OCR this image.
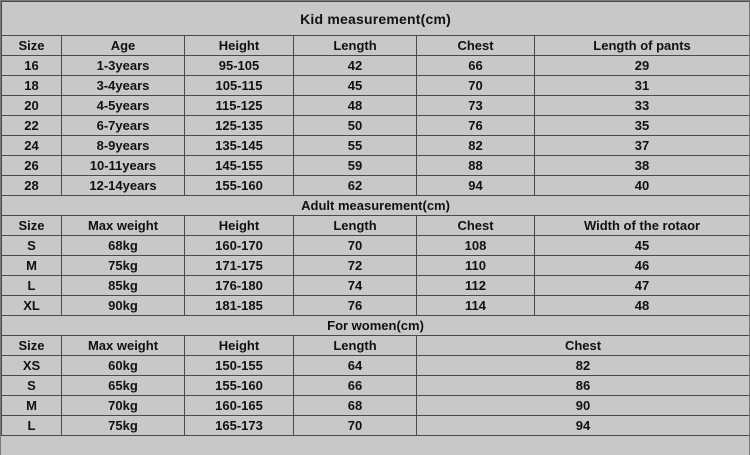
Kid measurement(cm)					
Size	Age	Height	Length	Chest	Length of pants
16	1-3years	95-105	42	66	29
18	3-4years	105-115	45	70	31
20	4-5years	115-125	48	73	33
22	6-7years	125-135	50	76	35
24	8-9years	135-145	55	82	37
26	10-11years	145-155	59	88	38
28	12-14years	155-160	62	94	40
Adult measurement(cm)					
Size	Max weight	Height	Length	Chest	Width of the rotaor
S	68kg	160-170	70	108	45
M	75kg	171-175	72	110	46
L	85kg	176-180	74	112	47
XL	90kg	181-185	76	114	48
For women(cm)					
Size	Max weight	Height	Length	Chest	
XS	60kg	150-155	64	82	
S	65kg	155-160	66	86	
M	70kg	160-165	68	90	
L	75kg	165-173	70	94	
